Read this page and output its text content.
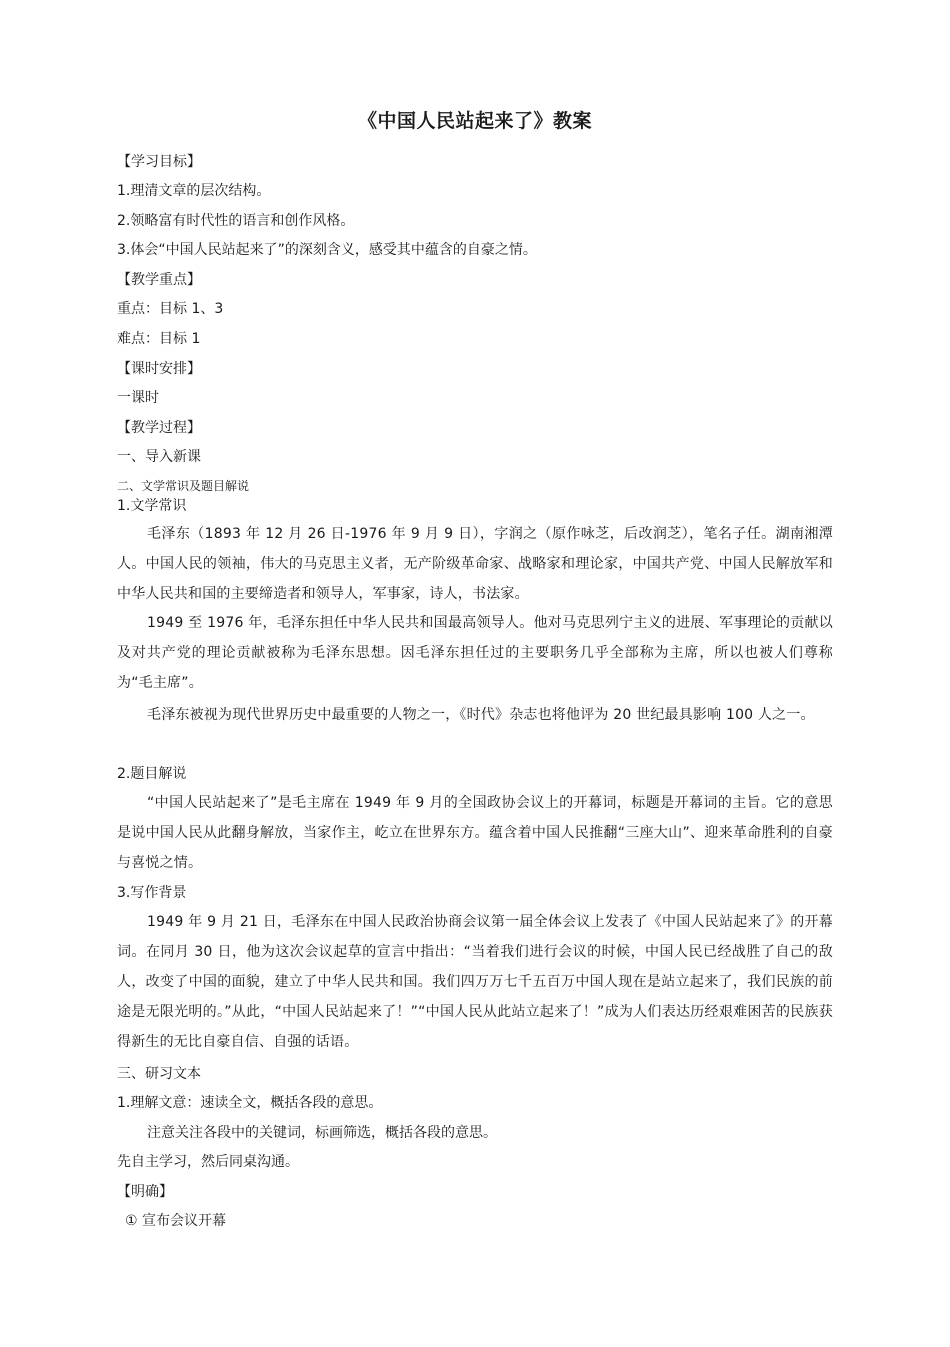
《中国人民站起来了》教案
【学习目标】
1.理清文章的层次结构。
2.领略富有时代性的语言和创作风格。
3.体会“中国人民站起来了”的深刻含义，感受其中蕴含的自豪之情。
【教学重点】
重点：目标 1、3
难点：目标 1
【课时安排】
一课时
【教学过程】
一、导入新课
二、文学常识及题目解说
1.文学常识
毛泽东（1893 年 12 月 26 日-1976 年 9 月 9 日），字润之（原作咏芝，后改润芝），笔名子任。湖南湘潭人。中国人民的领袖，伟大的马克思主义者，无产阶级革命家、战略家和理论家，中国共产党、中国人民解放军和中华人民共和国的主要缔造者和领导人，军事家，诗人，书法家。
1949 至 1976 年，毛泽东担任中华人民共和国最高领导人。他对马克思列宁主义的进展、军事理论的贡献以及对共产党的理论贡献被称为毛泽东思想。因毛泽东担任过的主要职务几乎全部称为主席，所以也被人们尊称为“毛主席”。
毛泽东被视为现代世界历史中最重要的人物之一，《时代》杂志也将他评为 20 世纪最具影响 100 人之一。
2.题目解说
“中国人民站起来了”是毛主席在 1949 年 9 月的全国政协会议上的开幕词，标题是开幕词的主旨。它的意思是说中国人民从此翻身解放，当家作主，屹立在世界东方。蕴含着中国人民推翻“三座大山”、迎来革命胜利的自豪与喜悦之情。
3.写作背景
1949 年 9 月 21 日，毛泽东在中国人民政治协商会议第一届全体会议上发表了《中国人民站起来了》的开幕词。在同月 30 日，他为这次会议起草的宣言中指出：“当着我们进行会议的时候，中国人民已经战胜了自己的敌人，改变了中国的面貌，建立了中华人民共和国。我们四万万七千五百万中国人现在是站立起来了，我们民族的前途是无限光明的。”从此，“中国人民站起来了！”“中国人民从此站立起来了！”成为人们表达历经艰难困苦的民族获得新生的无比自豪自信、自强的话语。
三、研习文本
1.理解文意：速读全文，概括各段的意思。
注意关注各段中的关键词，标画筛选，概括各段的意思。
先自主学习，然后同桌沟通。
【明确】
① 宣布会议开幕
